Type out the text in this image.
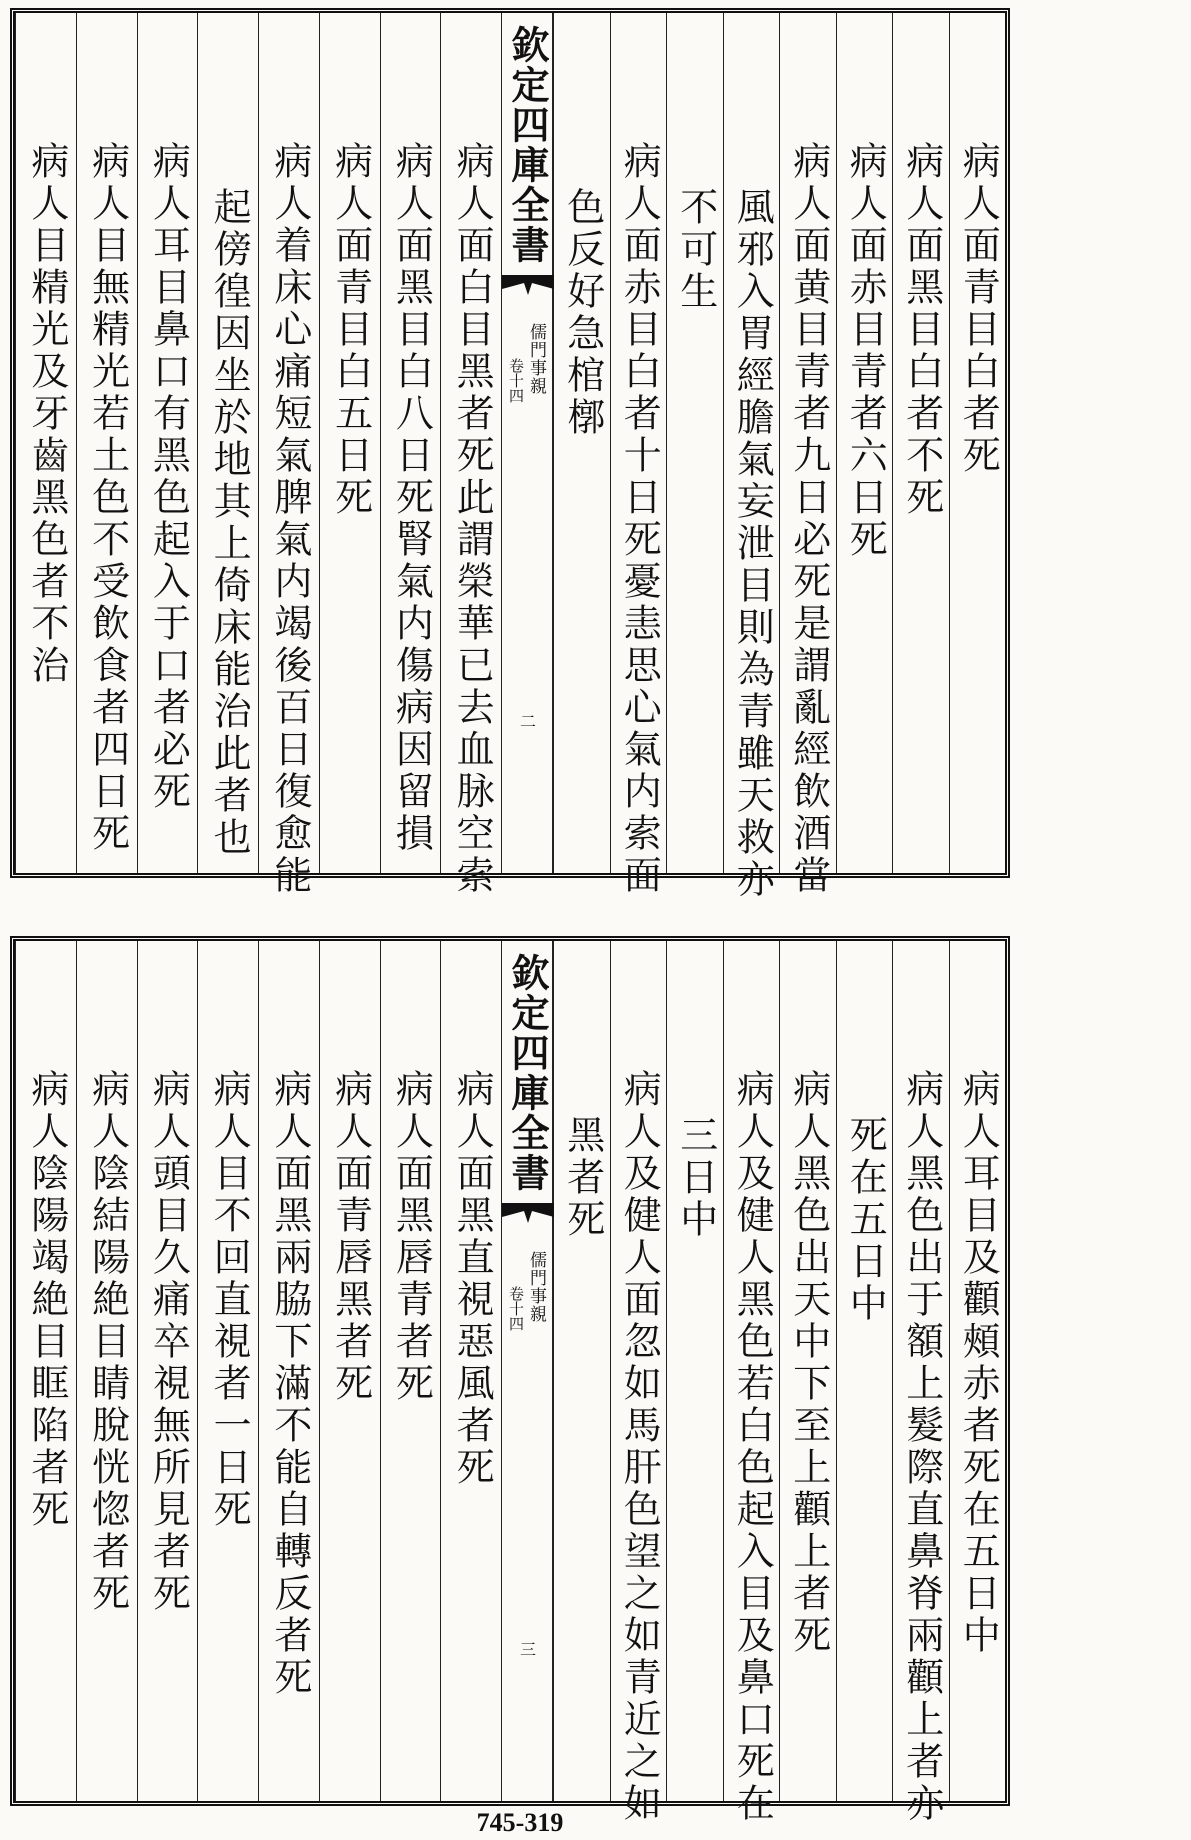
病人面青目白者死
病人面黑目白者不死
病人面赤目青者六日死
病人面黄目青者九日必死是謂亂經飲酒當
風邪入胃經膽氣妄泄目則為青雖天救亦
不可生
病人面赤目白者十日死憂恚思心氣内索面
色反好急棺槨
病人面白目黑者死此謂榮華已去血脉空索
病人面黑目白八日死腎氣内傷病因留損
病人面青目白五日死
病人着床心痛短氣脾氣内竭後百日復愈能
起傍徨因坐於地其上倚床能治此者也
病人耳目鼻口有黑色起入于口者必死
病人目無精光若土色不受飲食者四日死
病人目精光及牙齒黑色者不治	欽定四庫全書
儒門事親
卷十四
二
病人耳目及顴頰赤者死在五日中
病人黑色出于額上髮際直鼻脊兩顴上者亦
死在五日中
病人黑色出天中下至上顴上者死
病人及健人黑色若白色起入目及鼻口死在
三日中
病人及健人面忽如馬肝色望之如青近之如
黑者死
病人面黑直視惡風者死
病人面黑唇青者死
病人面青唇黑者死
病人面黑兩脇下滿不能自轉反者死
病人目不回直視者一日死
病人頭目久痛卒視無所見者死
病人陰結陽絶目睛脫恍惚者死
病人陰陽竭絶目眶陷者死	欽定四庫全書
儒門事親
卷十四
三
745-319
